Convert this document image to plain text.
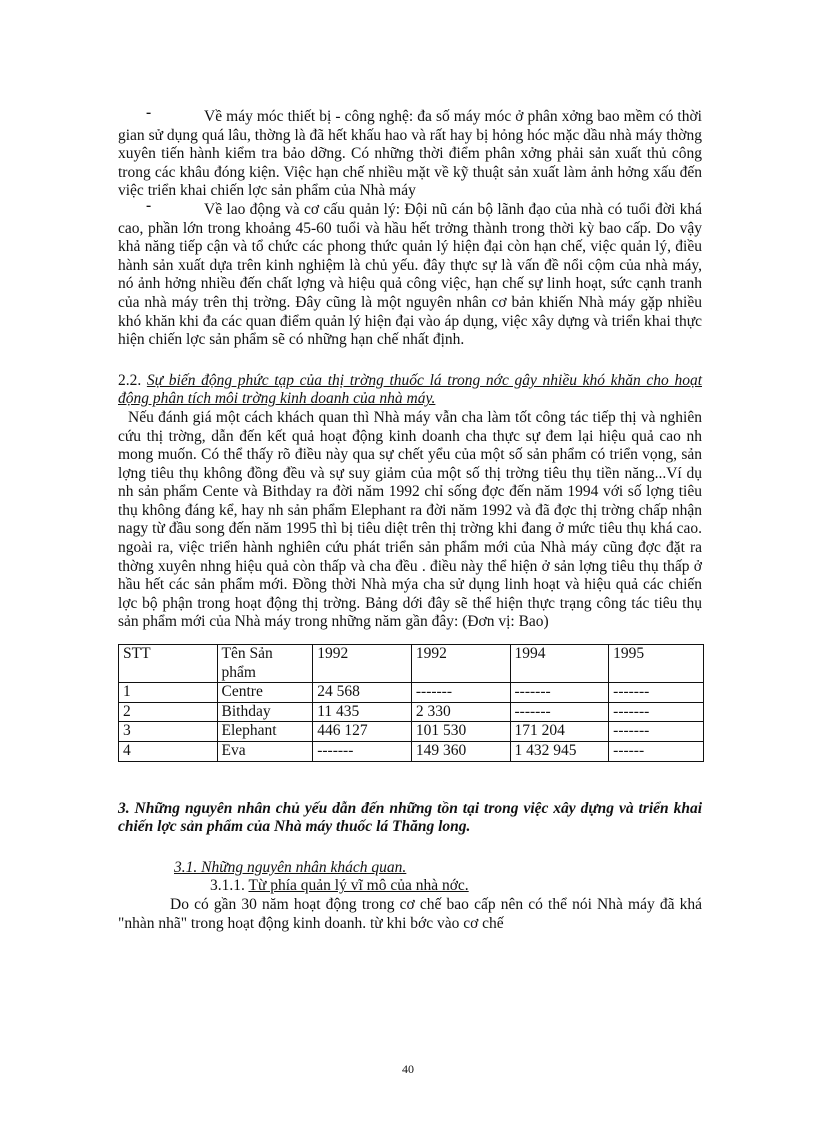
-	Về máy móc thiết bị - công nghệ: đa số máy móc ở phân xởng bao mềm có thời gian sử dụng quá lâu, thờng là đã hết khấu hao và rất hay bị hỏng hóc mặc dầu nhà máy thờng xuyên tiến hành kiểm tra bảo dỡng. Có những thời điểm phân xởng phải sản xuất thủ công trong các khâu đóng kiện. Việc hạn chế nhiều mặt về kỹ thuật sản xuất làm ảnh hởng xấu đến việc triển khai chiến lợc sản phẩm của Nhà máy

-	Về lao động và cơ cấu quản lý: Đội nũ cán bộ lãnh đạo của nhà có tuổi đời khá cao, phần lớn trong khoảng 45-60 tuổi và hầu hết trởng thành trong thời kỳ bao cấp. Do vậy khả năng tiếp cận và tổ chức các phong thức quản lý hiện đại còn hạn chế, việc quản lý, điều hành sản xuất dựa trên kinh nghiệm là chủ yếu. đây thực sự là vấn đề nổi cộm của nhà máy, nó ảnh hởng nhiều đến chất lợng và hiệu quả công việc, hạn chế sự linh hoạt, sức cạnh tranh của nhà máy trên thị trờng. Đây cũng là một nguyên nhân cơ bản khiến Nhà máy gặp nhiều khó khăn khi đa các quan điểm quản lý hiện đại vào áp dụng, việc xây dựng và triển khai thực hiện chiến lợc sản phẩm sẽ có những hạn chế nhất định.

2.2. Sự biến động phức tạp của thị trờng thuốc lá trong nớc gây nhiều khó khăn cho hoạt động phân tích môi trờng kinh doanh của nhà máy.

Nếu đánh giá một cách khách quan thì Nhà máy vẫn cha làm tốt công tác tiếp thị và nghiên cứu thị trờng, dẫn đến kết quả hoạt động kinh doanh cha thực sự đem lại hiệu quả cao nh mong muốn. Có thể thấy rõ điều này qua sự chết yểu của một số sản phẩm có triển vọng, sản lợng tiêu thụ không đồng đều và sự suy giảm của một số thị trờng tiêu thụ tiền năng...Ví dụ nh sản phẩm Cente và Bithday ra đời năm 1992 chỉ sống đợc đến năm 1994 với số lợng tiêu thụ không đáng kể, hay nh sản phẩm Elephant ra đời năm 1992 và đã đợc thị trờng chấp nhận nagy từ đầu song đến năm 1995 thì bị tiêu diệt trên thị trờng khi đang ở mức tiêu thụ khá cao. ngoài ra, việc triển hành nghiên cứu phát triển sản phẩm mới của Nhà máy cũng đợc đặt ra thờng xuyên nhng hiệu quả còn thấp và cha đều . điều này thể hiện ở sản lợng tiêu thụ thấp ở hầu hết các sản phẩm mới. Đồng thời Nhà mýa cha sử dụng linh hoạt và hiệu quả các chiến lợc bộ phận trong hoạt động thị trờng. Bảng dới đây sẽ thể hiện thực trạng công tác tiêu thụ sản phẩm mới của Nhà máy trong những năm gần đây: (Đơn vị: Bao)

STT	Tên Sản phẩm	1992	1992	1994	1995
1	Centre	24 568	-------	-------	-------
2	Bithday	11 435	2 330	-------	-------
3	Elephant	446 127	101 530	171 204	-------
4	Eva	-------	149 360	1 432 945	------

3. Những nguyên nhân chủ yếu dẫn đến những tồn tại trong việc xây dựng và triển khai chiến lợc sản phẩm của Nhà máy thuốc lá Thăng long.

3.1. Những nguyên nhân khách quan.

3.1.1. Từ phía quản lý vĩ mô của nhà nớc.

Do có gần 30 năm hoạt động trong cơ chế bao cấp nên có thể nói Nhà máy đã khá "nhàn nhã" trong hoạt động kinh doanh. từ khi bớc vào cơ chế

40
